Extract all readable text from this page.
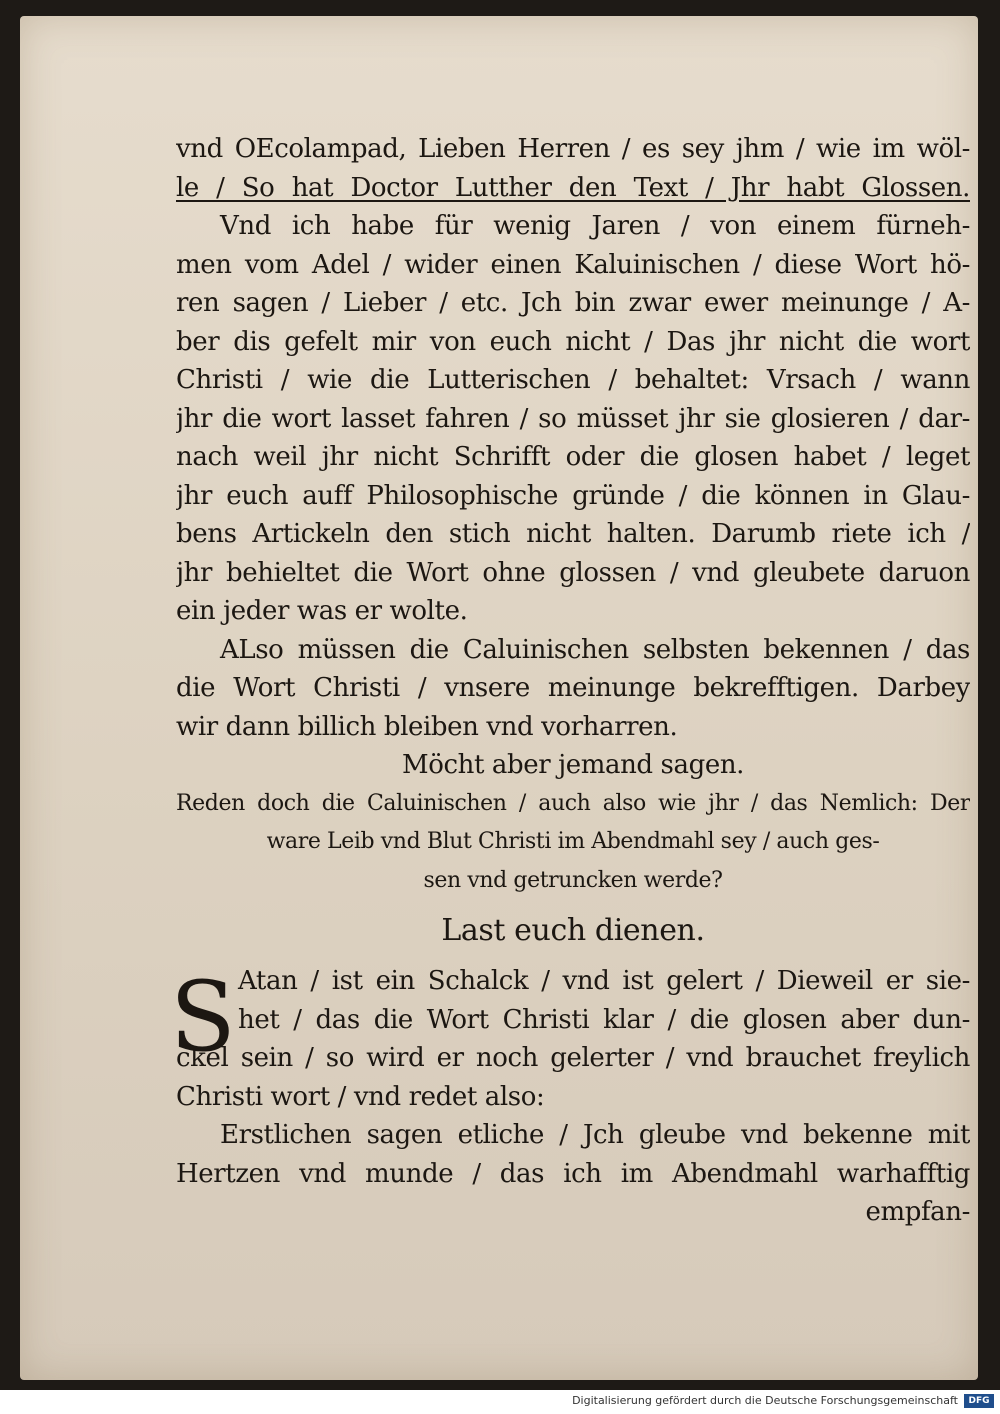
vnd OEcolampad, Lieben Herren / es sey jhm / wie im wöl-
le / So hat Doctor Lutther den Text / Jhr habt Glossen.
Vnd ich habe für wenig Jaren / von einem fürneh-
men vom Adel / wider einen Kaluinischen / diese Wort hö-
ren sagen / Lieber / etc. Jch bin zwar ewer meinunge / A-
ber dis gefelt mir von euch nicht / Das jhr nicht die wort
Christi / wie die Lutterischen / behaltet: Vrsach / wann
jhr die wort lasset fahren / so müsset jhr sie glosieren / dar-
nach weil jhr nicht Schrifft oder die glosen habet / leget
jhr euch auff Philosophische gründe / die können in Glau-
bens Artickeln den stich nicht halten. Darumb riete ich /
jhr behieltet die Wort ohne glossen / vnd gleubete daruon
ein jeder was er wolte.
ALso müssen die Caluinischen selbsten bekennen / das
die Wort Christi / vnsere meinunge bekrefftigen. Darbey
wir dann billich bleiben vnd vorharren.
Möcht aber jemand sagen.
Reden doch die Caluinischen / auch also wie jhr / das Nemlich: Der
ware Leib vnd Blut Christi im Abendmahl sey / auch ges-
sen vnd getruncken werde?
Last euch dienen.
S Atan / ist ein Schalck / vnd ist gelert / Dieweil er sie-
het / das die Wort Christi klar / die glosen aber dun-
ckel sein / so wird er noch gelerter / vnd brauchet freylich
Christi wort / vnd redet also:
Erstlichen sagen etliche / Jch gleube vnd bekenne mit
Hertzen vnd munde / das ich im Abendmahl warhafftig
empfan-
Digitalisierung gefördert durch die Deutsche Forschungsgemeinschaft	DFG
